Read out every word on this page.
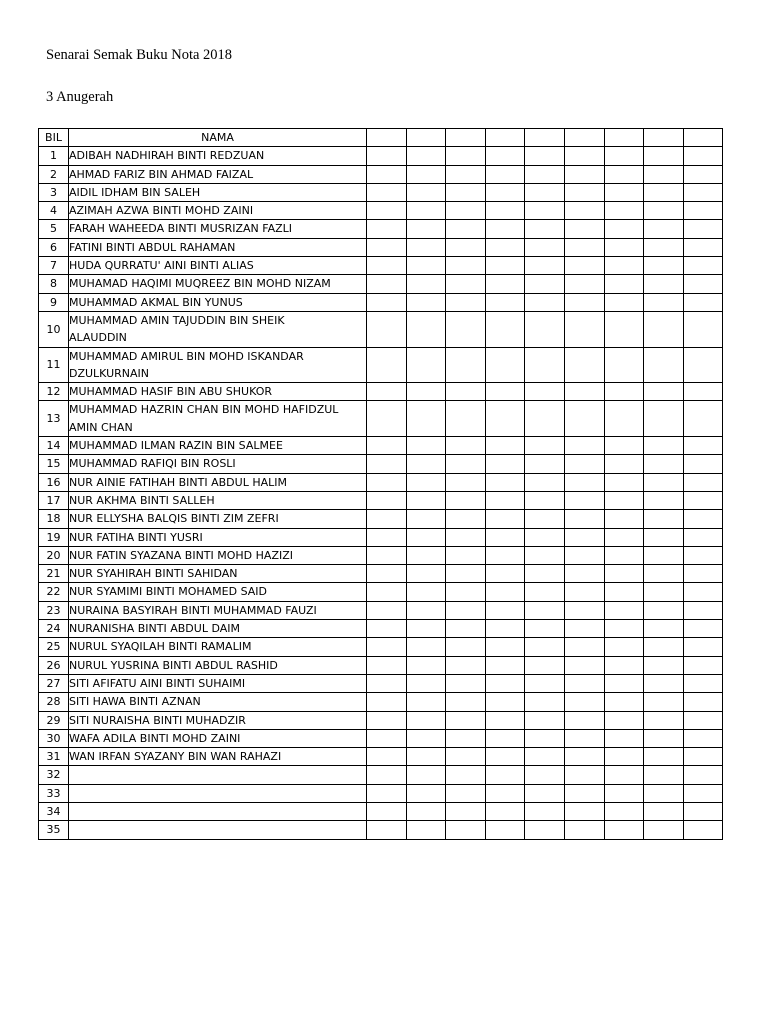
Senarai Semak Buku Nota 2018
3 Anugerah
BIL	NAMA									
1	ADIBAH NADHIRAH BINTI REDZUAN									
2	AHMAD FARIZ BIN AHMAD FAIZAL									
3	AIDIL IDHAM BIN SALEH									
4	AZIMAH AZWA BINTI MOHD ZAINI									
5	FARAH WAHEEDA BINTI MUSRIZAN FAZLI									
6	FATINI BINTI ABDUL RAHAMAN									
7	HUDA QURRATU' AINI BINTI ALIAS									
8	MUHAMAD HAQIMI MUQREEZ BIN MOHD NIZAM									
9	MUHAMMAD AKMAL BIN YUNUS									
10	MUHAMMAD AMIN TAJUDDIN BIN SHEIK
ALAUDDIN									
11	MUHAMMAD AMIRUL BIN MOHD ISKANDAR
DZULKURNAIN									
12	MUHAMMAD HASIF BIN ABU SHUKOR									
13	MUHAMMAD HAZRIN CHAN BIN MOHD HAFIDZUL
AMIN CHAN									
14	MUHAMMAD ILMAN RAZIN BIN SALMEE									
15	MUHAMMAD RAFIQI BIN ROSLI									
16	NUR AINIE FATIHAH BINTI ABDUL HALIM									
17	NUR AKHMA BINTI SALLEH									
18	NUR ELLYSHA BALQIS BINTI ZIM ZEFRI									
19	NUR FATIHA BINTI YUSRI									
20	NUR FATIN SYAZANA BINTI MOHD HAZIZI									
21	NUR SYAHIRAH BINTI SAHIDAN									
22	NUR SYAMIMI BINTI MOHAMED SAID									
23	NURAINA BASYIRAH BINTI MUHAMMAD FAUZI									
24	NURANISHA BINTI ABDUL DAIM									
25	NURUL SYAQILAH BINTI RAMALIM									
26	NURUL YUSRINA BINTI ABDUL RASHID									
27	SITI AFIFATU AINI BINTI SUHAIMI									
28	SITI HAWA BINTI AZNAN									
29	SITI NURAISHA BINTI MUHADZIR									
30	WAFA ADILA BINTI MOHD ZAINI									
31	WAN IRFAN SYAZANY BIN WAN RAHAZI									
32										
33										
34										
35										
